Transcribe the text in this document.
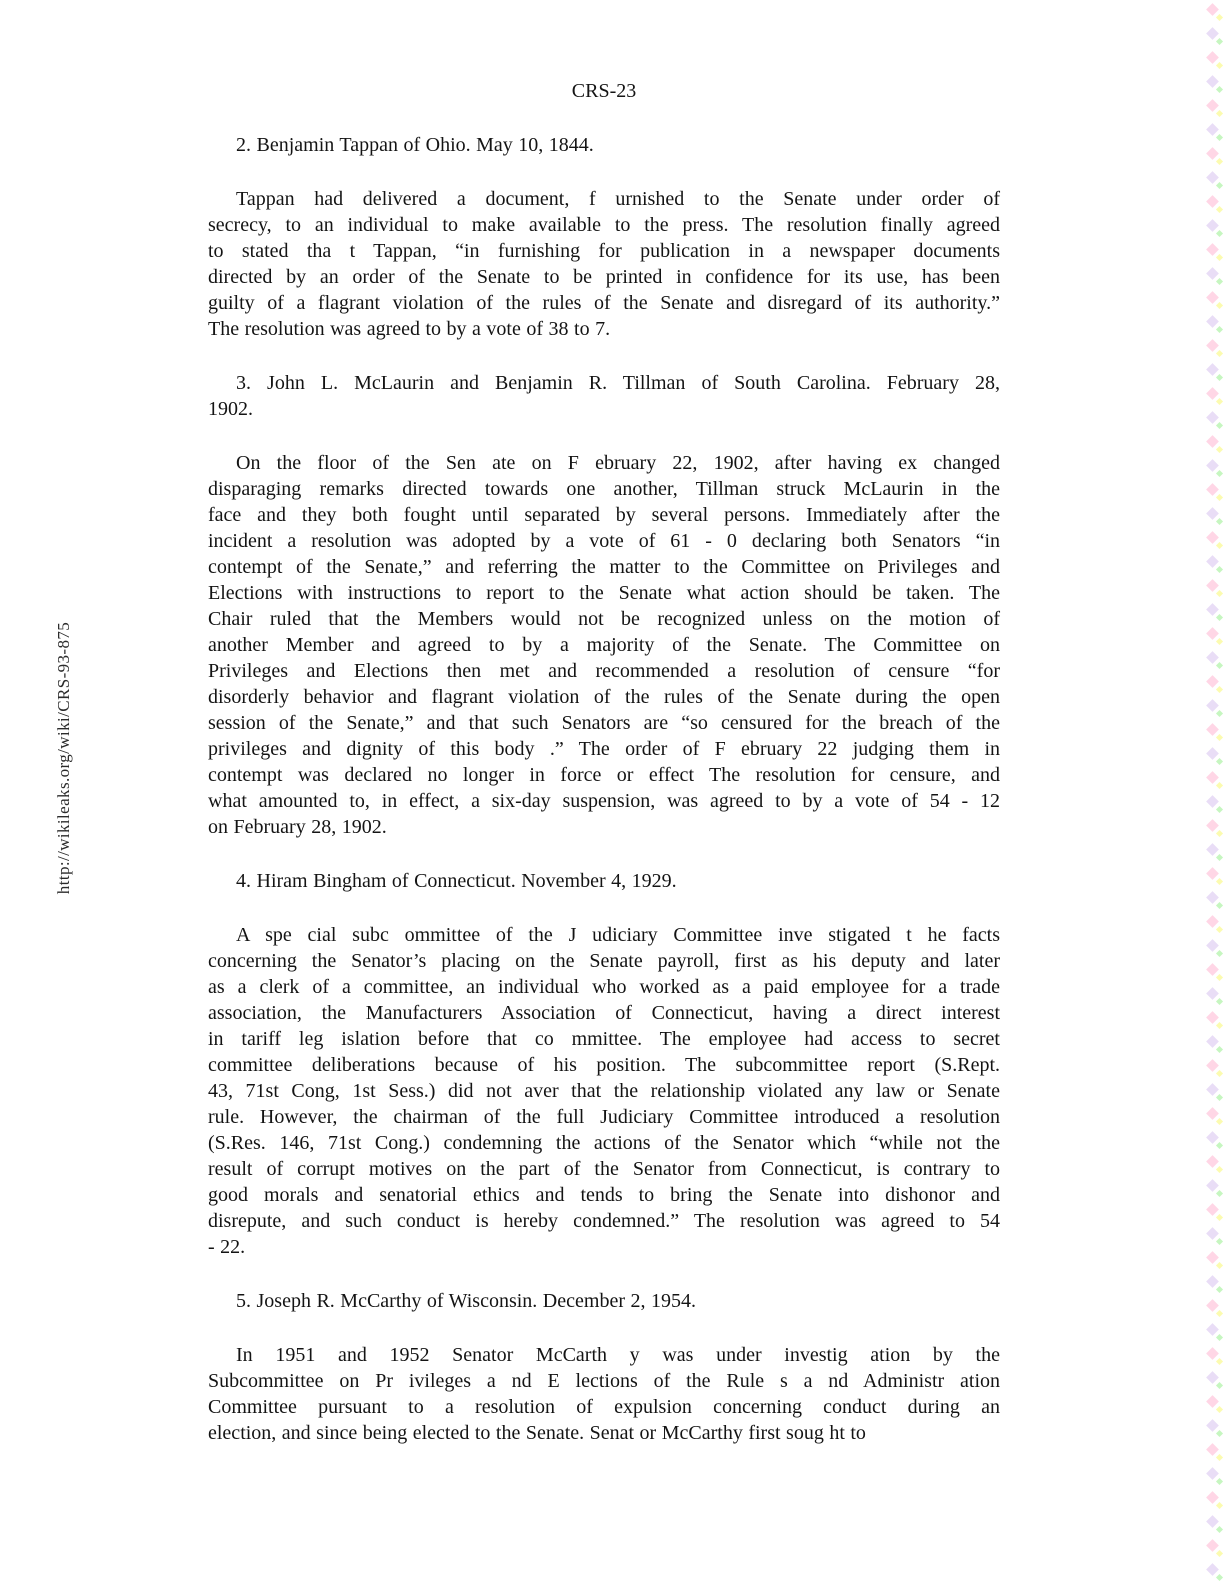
http://wikileaks.org/wiki/CRS-93-875
CRS-23
2. Benjamin Tappan of Ohio. May 10, 1844.
Tappan had delivered a document, f urnished to the Senate under order of
secrecy, to an individual to make available to the press. The resolution finally agreed
to stated tha t Tappan, “in furnishing for publication in a newspaper documents
directed by an order of the Senate to be printed in confidence for its use, has been
guilty of a flagrant violation of the rules of the Senate and disregard of its authority.”
The resolution was agreed to by a vote of 38 to 7.
3. John L. McLaurin and Benjamin R. Tillman of South Carolina. February 28,
1902.
On the floor of the Sen ate on F ebruary 22, 1902, after having ex changed
disparaging remarks directed towards one another, Tillman struck McLaurin in the
face and they both fought until separated by several persons. Immediately after the
incident a resolution was adopted by a vote of 61 - 0 declaring both Senators “in
contempt of the Senate,” and referring the matter to the Committee on Privileges and
Elections with instructions to report to the Senate what action should be taken. The
Chair ruled that the Members would not be recognized unless on the motion of
another Member and agreed to by a majority of the Senate. The Committee on
Privileges and Elections then met and recommended a resolution of censure “for
disorderly behavior and flagrant violation of the rules of the Senate during the open
session of the Senate,” and that such Senators are “so censured for the breach of the
privileges and dignity of this body .” The order of F ebruary 22 judging them in
contempt was declared no longer in force or effect The resolution for censure, and
what amounted to, in effect, a six-day suspension, was agreed to by a vote of 54 - 12
on February 28, 1902.
4. Hiram Bingham of Connecticut. November 4, 1929.
A spe cial subc ommittee of the J udiciary Committee inve stigated t he facts
concerning the Senator’s placing on the Senate payroll, first as his deputy and later
as a clerk of a committee, an individual who worked as a paid employee for a trade
association, the Manufacturers Association of Connecticut, having a direct interest
in tariff leg islation before that co mmittee. The employee had access to secret
committee deliberations because of his position. The subcommittee report (S.Rept.
43, 71st Cong, 1st Sess.) did not aver that the relationship violated any law or Senate
rule. However, the chairman of the full Judiciary Committee introduced a resolution
(S.Res. 146, 71st Cong.) condemning the actions of the Senator which “while not the
result of corrupt motives on the part of the Senator from Connecticut, is contrary to
good morals and senatorial ethics and tends to bring the Senate into dishonor and
disrepute, and such conduct is hereby condemned.” The resolution was agreed to 54
- 22.
5. Joseph R. McCarthy of Wisconsin. December 2, 1954.
In 1951 and 1952 Senator McCarth y was under investig ation by the
Subcommittee on Pr ivileges a nd E lections of the Rule s a nd Administr ation
Committee pursuant to a resolution of expulsion concerning conduct during an
election, and since being elected to the Senate. Senat or McCarthy first soug ht to
